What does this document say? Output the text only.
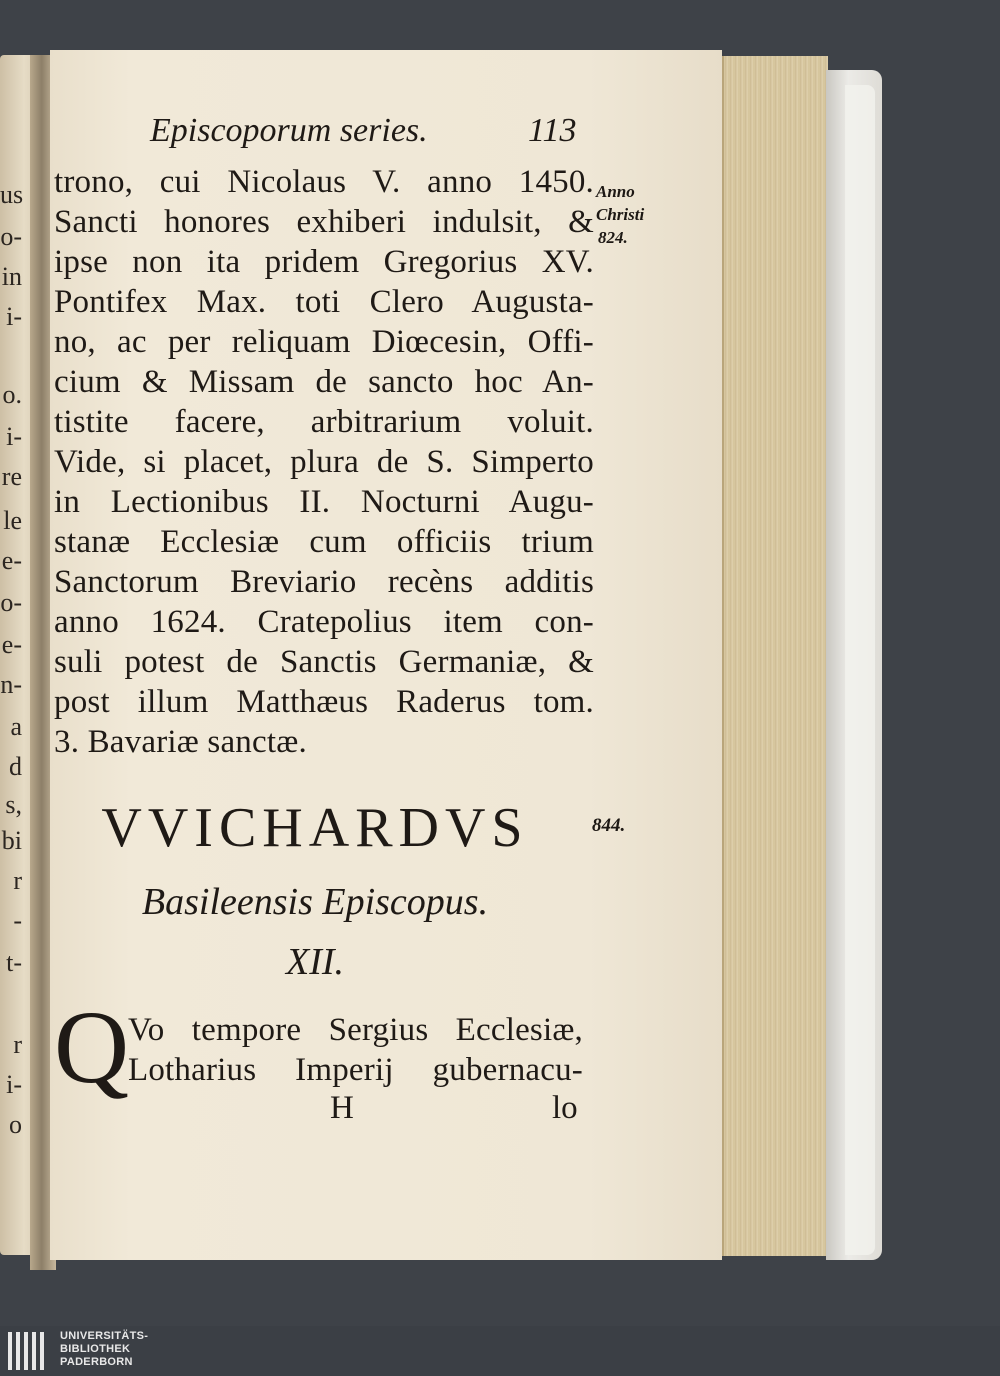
us
o-
in
i-
o.
i-
re
le
e-
o-
e-
n-
a
d
s,
bi
r
-
t-
r
i-
o
Episcoporum series.	113
Anno
Christi
824.
trono, cui Nicolaus V. anno 1450.
Sancti honores exhiberi indulsit, &
ipse non ita pridem Gregorius XV.
Pontifex Max. toti Clero Augusta-
no, ac per reliquam Diœcesin, Offi-
cium & Missam de sancto hoc An-
tistite facere, arbitrarium voluit.
Vide, si placet, plura de S. Simperto
in Lectionibus II. Nocturni Augu-
stanæ Ecclesiæ cum officiis trium
Sanctorum Breviario recèns additis
anno 1624. Cratepolius item con-
suli potest de Sanctis Germaniæ, &
post illum Matthæus Raderus tom.
3. Bavariæ sanctæ.
VVICHARDVS	844.
Basileensis Episcopus.
XII.
Q
Vo tempore Sergius Ecclesiæ,
Lotharius Imperij gubernacu-
H	lo
UNIVERSITÄTS-
BIBLIOTHEK
PADERBORN
